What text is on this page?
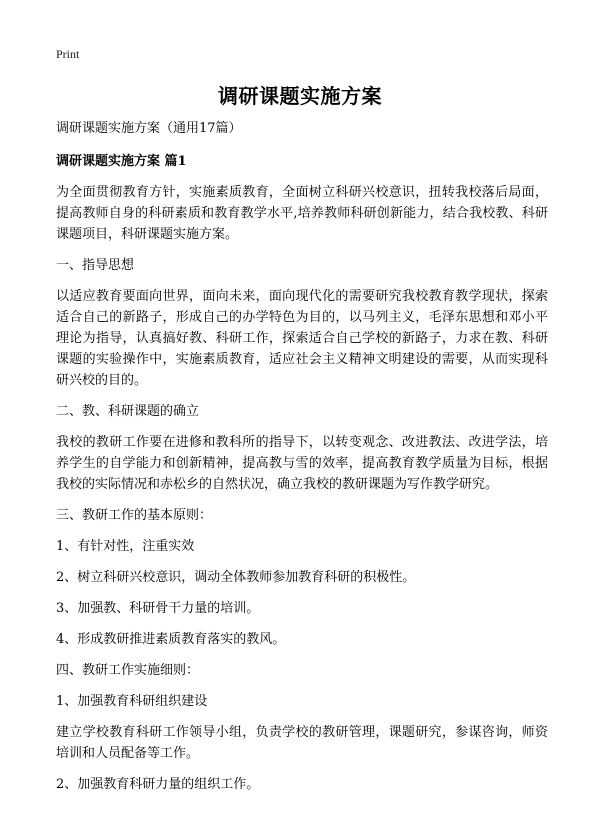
Print
调研课题实施方案

调研课题实施方案（通用17篇）

调研课题实施方案 篇1

为全面贯彻教育方针，实施素质教育，全面树立科研兴校意识，扭转我校落后局面，提高教师自身的科研素质和教育教学水平,培养教师科研创新能力，结合我校教、科研课题项目，科研课题实施方案。

一、指导思想

以适应教育要面向世界，面向未来，面向现代化的需要研究我校教育教学现状，探索适合自己的新路子，形成自己的办学特色为目的，以马列主义，毛泽东思想和邓小平理论为指导，认真搞好教、科研工作，探索适合自己学校的新路子，力求在教、科研课题的实验操作中，实施素质教育，适应社会主义精神文明建设的需要，从而实现科研兴校的目的。

二、教、科研课题的确立

我校的教研工作要在进修和教科所的指导下，以转变观念、改进教法、改进学法，培养学生的自学能力和创新精神，提高教与雪的效率，提高教育教学质量为目标，根据我校的实际情况和赤松乡的自然状况，确立我校的教研课题为写作教学研究。

三、教研工作的基本原则：

1、有针对性，注重实效

2、树立科研兴校意识，调动全体教师参加教育科研的积极性。

3、加强教、科研骨干力量的培训。

4、形成教研推进素质教育落实的教风。

四、教研工作实施细则：

1、加强教育科研组织建设

建立学校教育科研工作领导小组，负责学校的教研管理，课题研究，参谋咨询，师资培训和人员配备等工作。

2、加强教育科研力量的组织工作。
